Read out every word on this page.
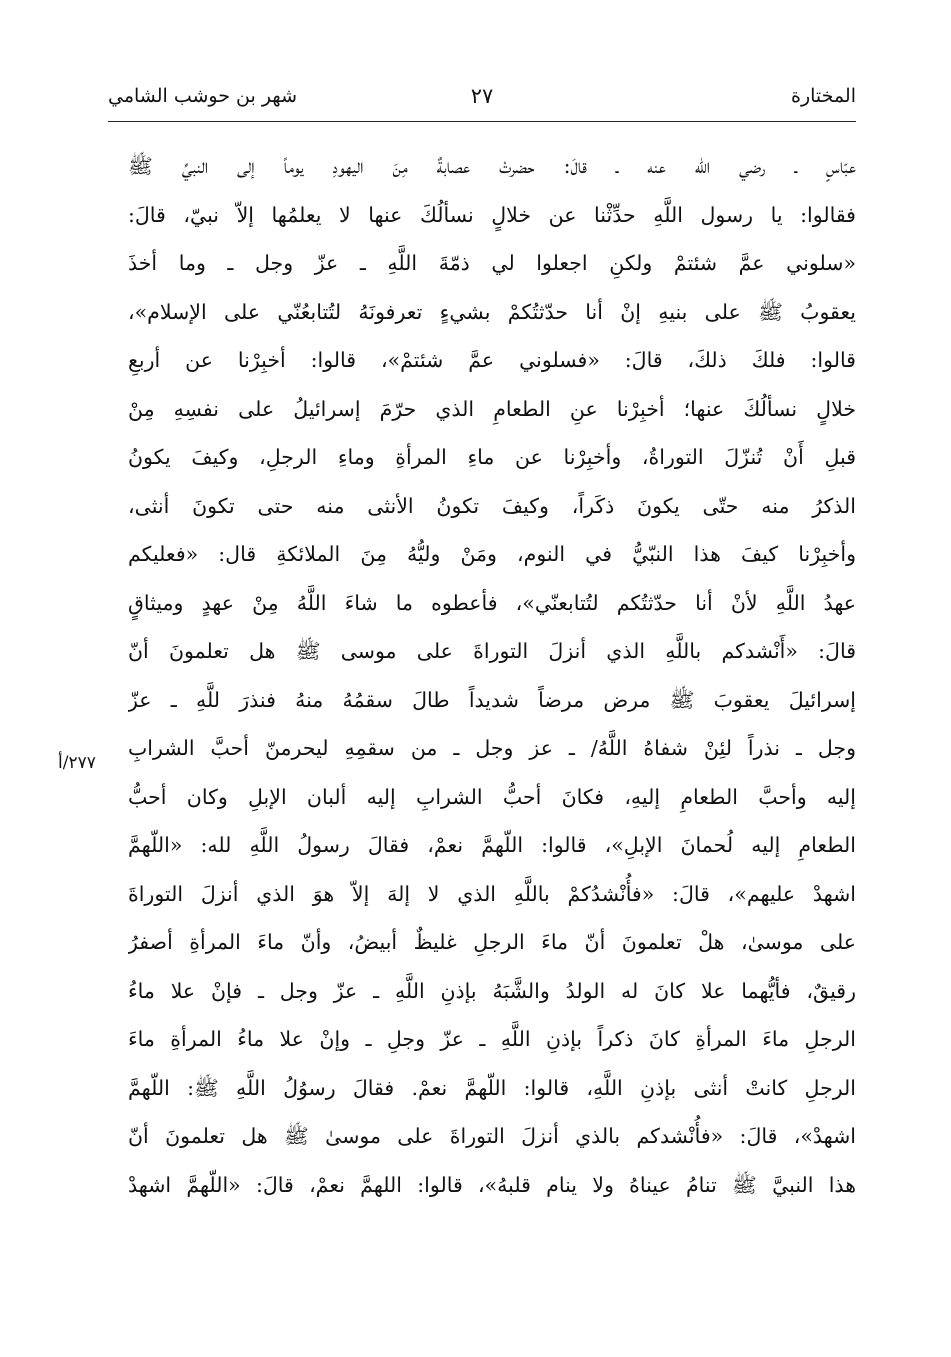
المختارة
٢٧
شهر بن حوشب الشامي
٢٧٧/أ
عبّاسٍ ـ رضي الله عنه ـ قالَ: حضرتْ عصابةٌ مِنَ اليهودِ يوماً إلى النبيِّ ﷺ
فقالوا: يا رسول اللَّهِ حدِّثْنا عن خلالٍ نسألُكَ عنها لا يعلمُها إلاّ نبيّ، قالَ:
«سلوني عمَّ شئتمْ ولكنِ اجعلوا لي ذمّةَ اللَّهِ ـ عزّ وجل ـ وما أخذَ
يعقوبُ ﷺ على بنيهِ إنْ أنا حدّثتُكمْ بشيءٍ تعرفونَهُ لتُتابعُنّي على الإسلام»،
قالوا: فلكَ ذلكَ، قالَ: «فسلوني عمَّ شئتمْ»، قالوا: أخبِرْنا عن أربعِ
خلالٍ نسألُكَ عنها؛ أخبِرْنا عنِ الطعامِ الذي حرّمَ إسرائيلُ على نفسِهِ مِنْ
قبلِ أَنْ تُنزّلَ التوراةُ، وأخبِرْنا عن ماءِ المرأةِ وماءِ الرجلِ، وكيفَ يكونُ
الذكرُ منه حتّى يكونَ ذكَراً، وكيفَ تكونُ الأنثى منه حتى تكونَ أنثى،
وأخبِرْنا كيفَ هذا النبّيُّ في النوم، ومَنْ وليُّهُ مِنَ الملائكةِ قال: «فعليكم
عهدُ اللَّهِ لأنْ أنا حدّثتُكم لتُتابعنّي»، فأعطوه ما شاءَ اللَّهُ مِنْ عهدٍ وميثاقٍ
قالَ: «أَنْشدكم باللَّهِ الذي أنزلَ التوراةَ على موسى ﷺ هل تعلمونَ أنّ
إسرائيلَ يعقوبَ ﷺ مرض مرضاً شديداً طالَ سقمُهُ منهُ فنذرَ للَّهِ ـ عزّ
وجل ـ نذراً لئِنْ شفاهُ اللَّهُ/ ـ عز وجل ـ من سقمِهِ ليحرمنّ أحبَّ الشرابِ
إليه وأحبَّ الطعامِ إليهِ، فكانَ أحبُّ الشرابِ إليه ألبان الإبلِ وكان أحبُّ
الطعامِ إليه لُحمانَ الإبلِ»، قالوا: اللّهمَّ نعمْ، فقالَ رسولُ اللَّهِ لله: «اللّهمَّ
اشهدْ عليهم»، قالَ: «فأُنْشدُكمْ باللَّهِ الذي لا إلهَ إلاّ هوَ الذي أنزلَ التوراةَ
على موسىٰ، هلْ تعلمونَ أنّ ماءَ الرجلِ غليظٌ أبيضُ، وأنّ ماءَ المرأةِ أصفرُ
رقيقٌ، فأيُّهما علا كانَ له الولدُ والشَّبَهُ بإذنِ اللَّهِ ـ عزّ وجل ـ فإنْ علا ماءُ
الرجلِ ماءَ المرأةِ كانَ ذكراً بإذنِ اللَّهِ ـ عزّ وجلِ ـ وإنْ علا ماءُ المرأةِ ماءَ
الرجلِ كانتْ أنثى بإذنِ اللَّهِ، قالوا: اللّهمَّ نعمْ. فقالَ رسوُلُ اللَّهِ ﷺ: اللّهمَّ
اشهدْ»، قالَ: «فأُنْشدكم بالذي أنزلَ التوراةَ على موسىٰ ﷺ هل تعلمونَ أنّ
هذا النبيَّ ﷺ تنامُ عيناهُ ولا ينام قلبهُ»، قالوا: اللهمَّ نعمْ، قالَ: «اللّهمَّ اشهدْ
